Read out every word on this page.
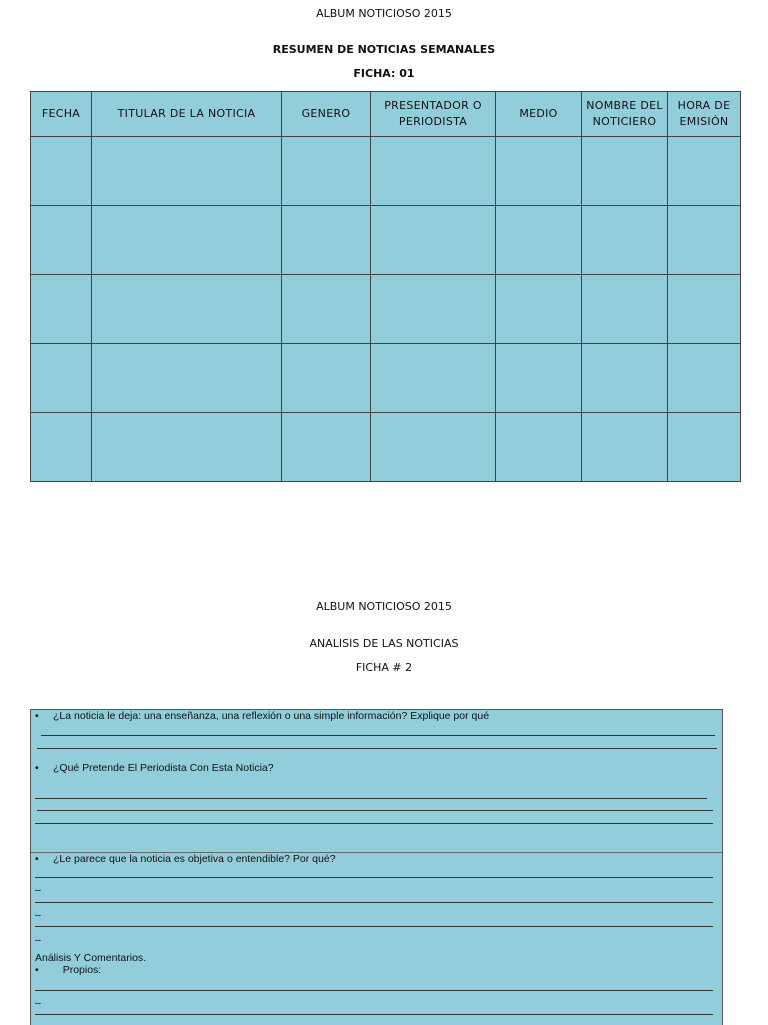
ALBUM NOTICIOSO 2015
RESUMEN DE NOTICIAS SEMANALES
FICHA: 01
FECHA	TITULAR DE LA NOTICIA	GENERO	PRESENTADOR O PERIODISTA	MEDIO	NOMBRE DEL NOTICIERO	HORA DE EMISIÓN

ALBUM NOTICIOSO 2015
ANALISIS DE LAS NOTICIAS
FICHA # 2
• ¿La noticia le deja: una enseñanza, una reflexión o una simple información? Explique por qué
• ¿Qué Pretende El Periodista Con Esta Noticia?
• ¿Le parece que la noticia es objetiva o entendible? Por qué?
–
–
–
Análisis Y Comentarios.
• Propios:
–
